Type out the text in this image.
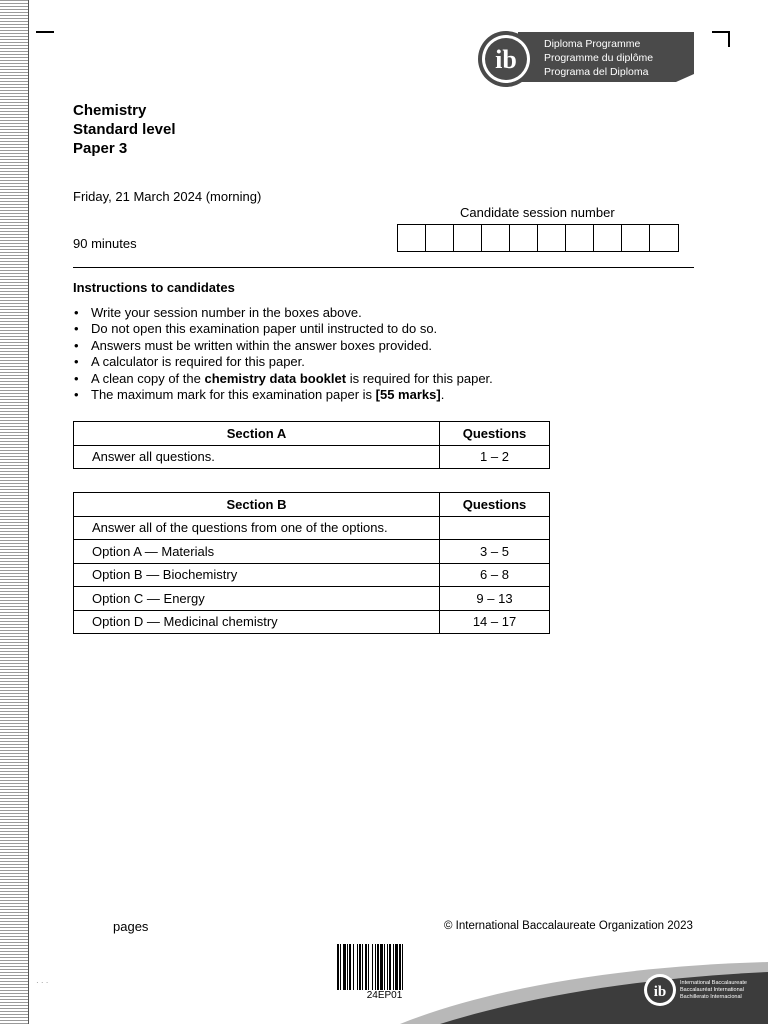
ib
Diploma Programme
Programme du diplôme
Programa del Diploma
Chemistry
Standard level
Paper 3
Friday, 21 March 2024 (morning)
90 minutes
Candidate session number
Instructions to candidates
• Write your session number in the boxes above.
• Do not open this examination paper until instructed to do so.
• Answers must be written within the answer boxes provided.
• A calculator is required for this paper.
• A clean copy of the chemistry data booklet is required for this paper.
• The maximum mark for this examination paper is [55 marks].
Section A	Questions
Answer all questions.	1 – 2
Section B	Questions
Answer all of the questions from one of the options.	
Option A — Materials	3 – 5
Option B — Biochemistry	6 – 8
Option C — Energy	9 – 13
Option D — Medicinal chemistry	14 – 17
pages	© International Baccalaureate Organization 2023
24EP01
· · ·
ib
International Baccalaureate
Baccalauréat International
Bachillerato Internacional
